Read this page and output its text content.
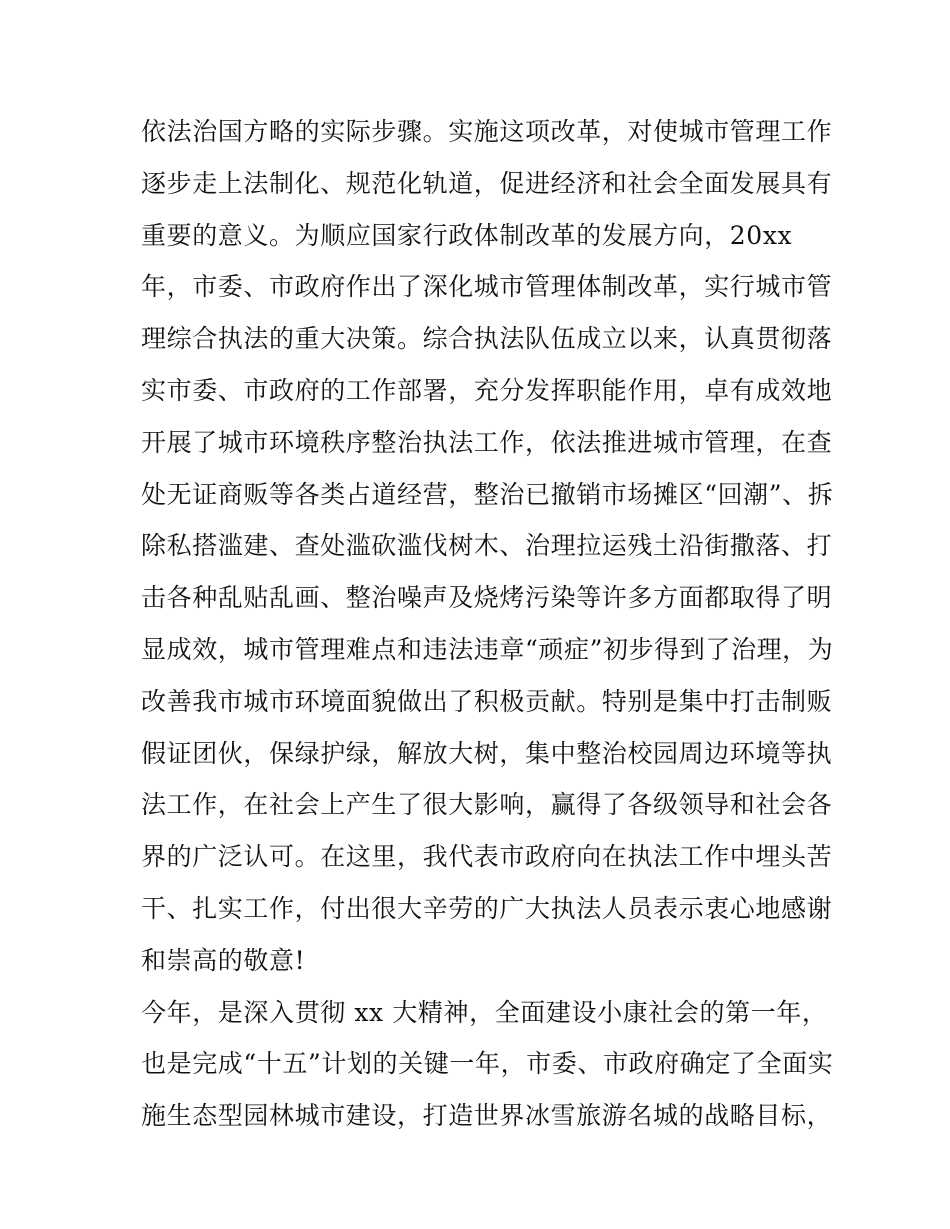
依法治国方略的实际步骤。实施这项改革，对使城市管理工作
逐步走上法制化、规范化轨道，促进经济和社会全面发展具有
重要的意义。为顺应国家行政体制改革的发展方向，20xx
年，市委、市政府作出了深化城市管理体制改革，实行城市管
理综合执法的重大决策。综合执法队伍成立以来，认真贯彻落
实市委、市政府的工作部署，充分发挥职能作用，卓有成效地
开展了城市环境秩序整治执法工作，依法推进城市管理，在查
处无证商贩等各类占道经营，整治已撤销市场摊区“回潮”、拆
除私搭滥建、查处滥砍滥伐树木、治理拉运残土沿街撒落、打
击各种乱贴乱画、整治噪声及烧烤污染等许多方面都取得了明
显成效，城市管理难点和违法违章“顽症”初步得到了治理，为
改善我市城市环境面貌做出了积极贡献。特别是集中打击制贩
假证团伙，保绿护绿，解放大树，集中整治校园周边环境等执
法工作，在社会上产生了很大影响，赢得了各级领导和社会各
界的广泛认可。在这里，我代表市政府向在执法工作中埋头苦
干、扎实工作，付出很大辛劳的广大执法人员表示衷心地感谢
和崇高的敬意!
今年，是深入贯彻 xx 大精神，全面建设小康社会的第一年，
也是完成“十五”计划的关键一年，市委、市政府确定了全面实
施生态型园林城市建设，打造世界冰雪旅游名城的战略目标，
